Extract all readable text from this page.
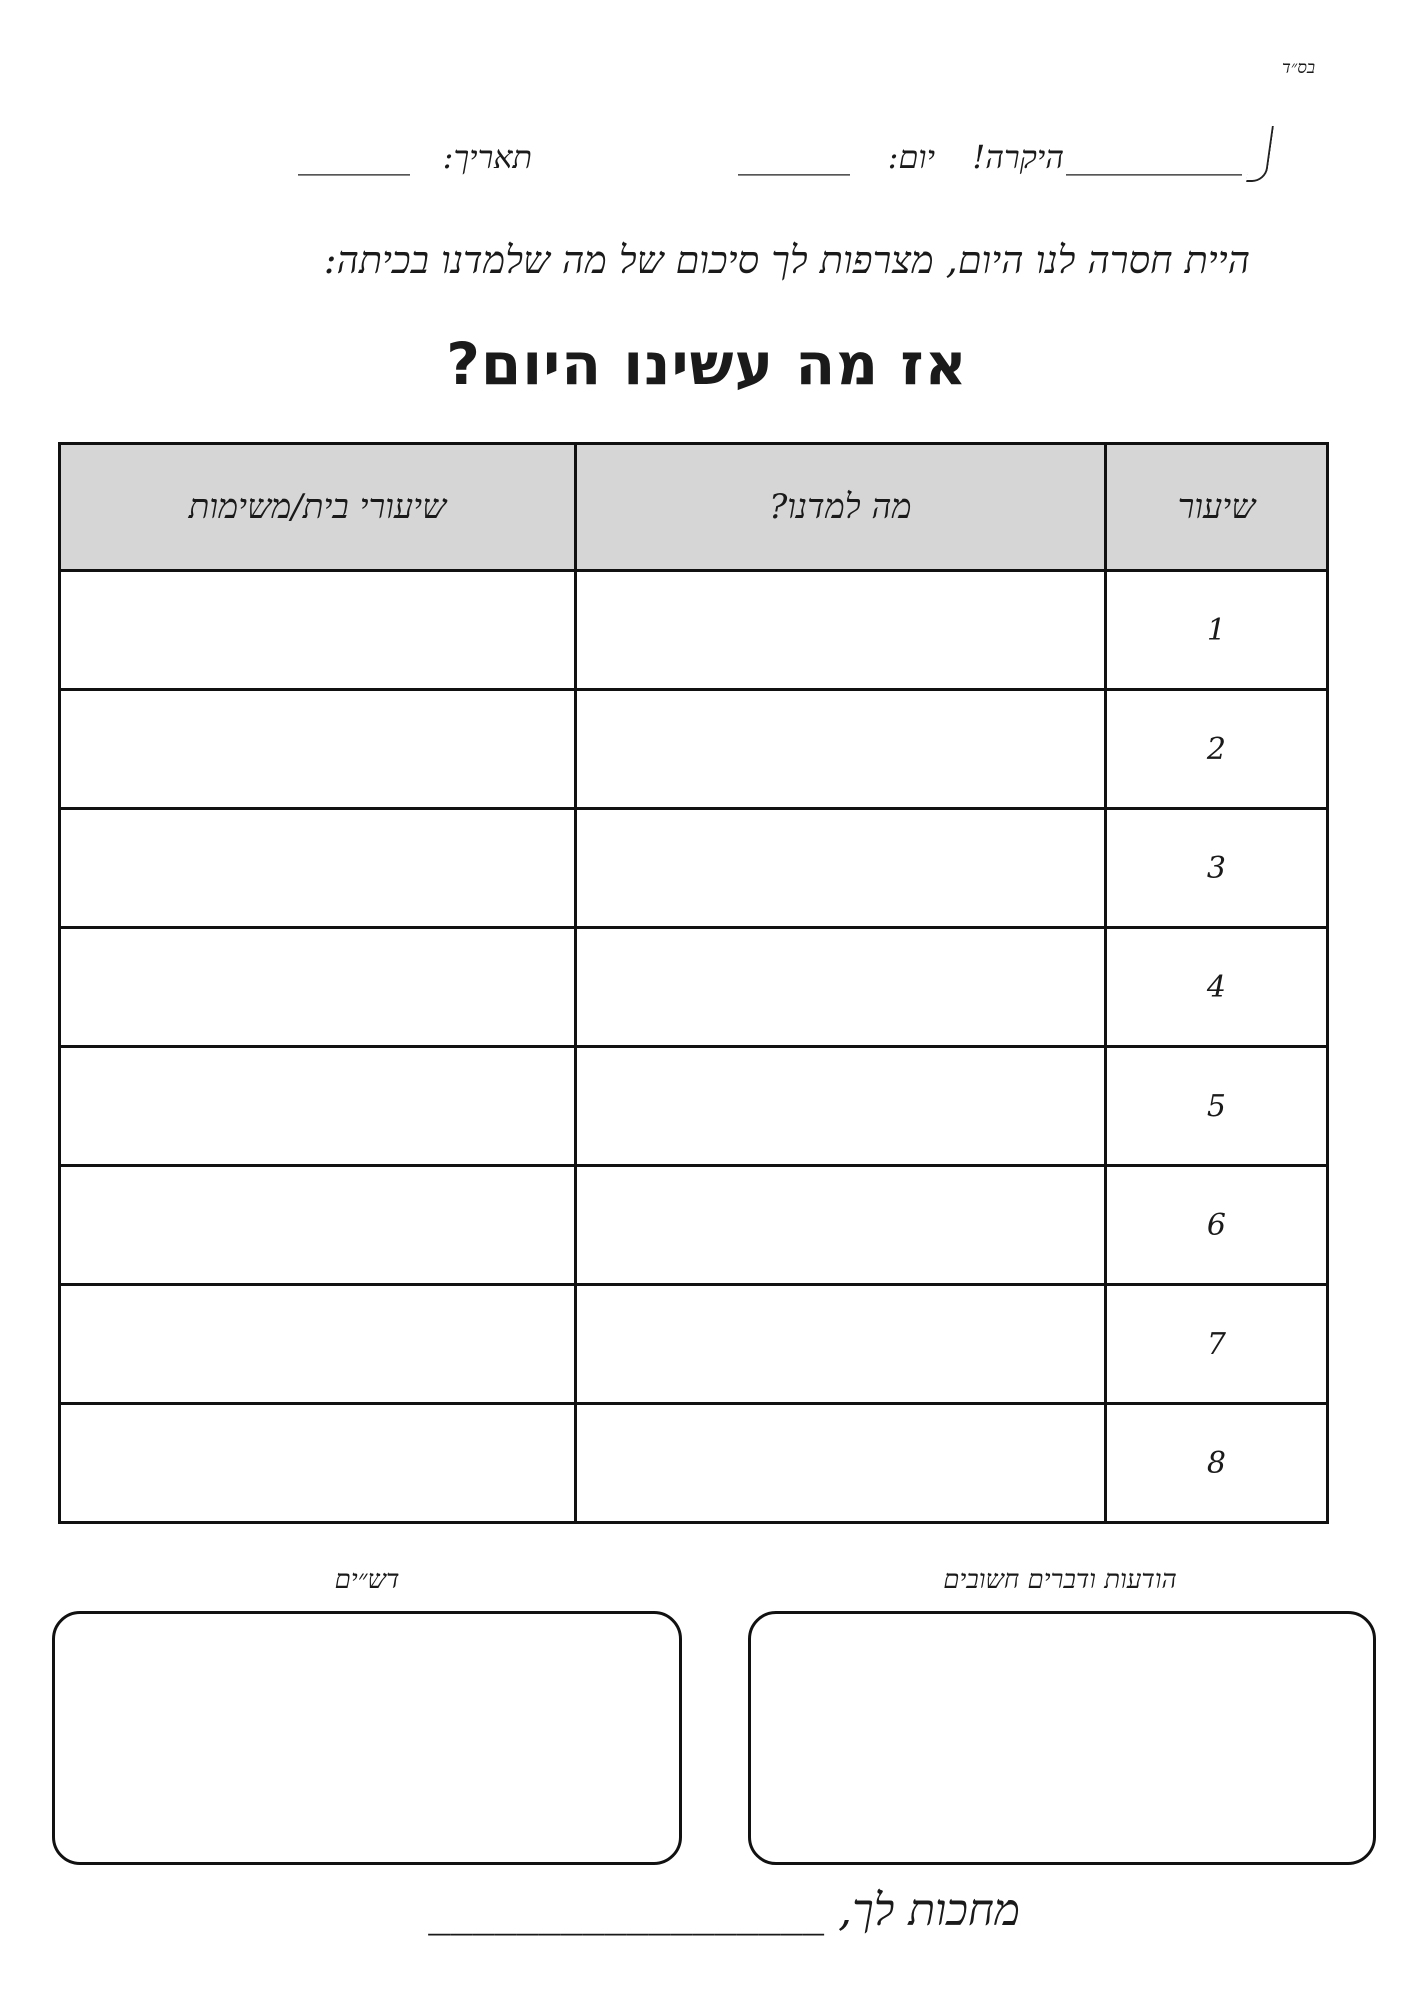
בס״ד
___________
היקרה!
יום:
_______
תאריך:
_______
היית חסרה לנו היום, מצרפות לך סיכום של מה שלמדנו בכיתה:
אז מה עשינו היום?
שיעור	מה למדנו?	שיעורי בית/משימות
1		
2		
3		
4		
5		
6		
7		
8		
הודעות ודברים חשובים
דש״ים
מחכות לך, __________________
